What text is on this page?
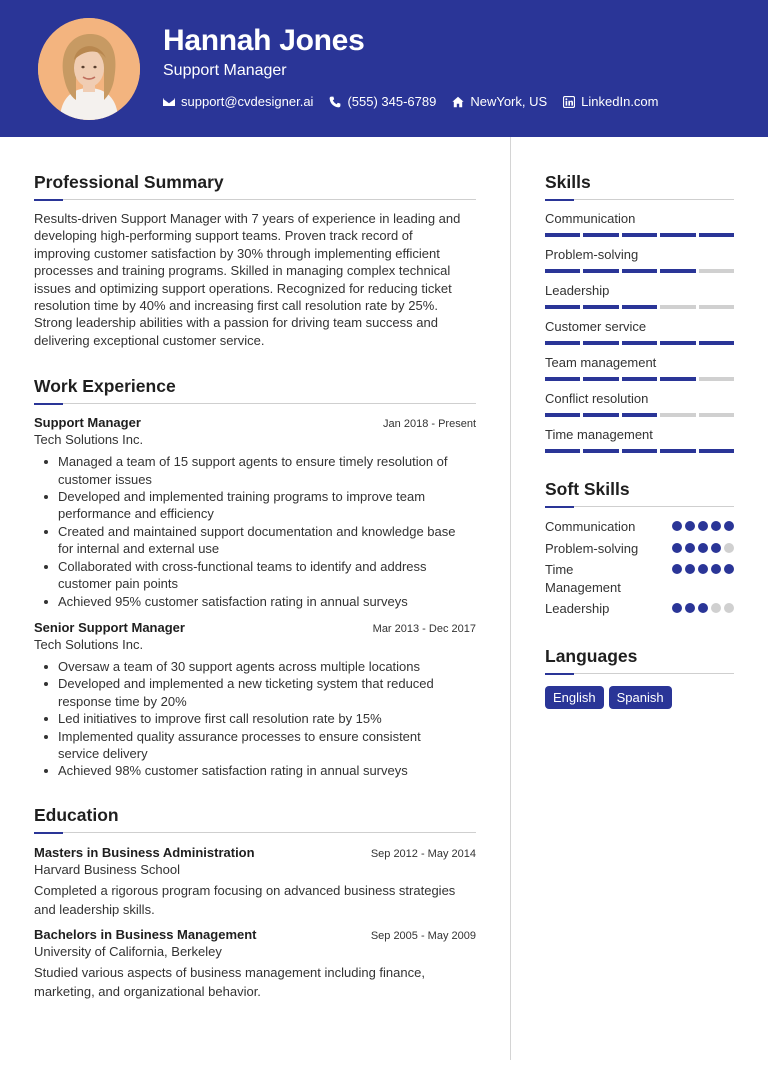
Hannah Jones
Support Manager
support@cvdesigner.ai	(555) 345-6789	NewYork, US	LinkedIn.com
Professional Summary
Results-driven Support Manager with 7 years of experience in leading and
developing high-performing support teams. Proven track record of
improving customer satisfaction by 30% through implementing efficient
processes and training programs. Skilled in managing complex technical
issues and optimizing support operations. Recognized for reducing ticket
resolution time by 40% and increasing first call resolution rate by 25%.
Strong leadership abilities with a passion for driving team success and
delivering exceptional customer service.
Work Experience
Support Manager	Jan 2018 - Present
Tech Solutions Inc.
Managed a team of 15 support agents to ensure timely resolution of
customer issues
Developed and implemented training programs to improve team
performance and efficiency
Created and maintained support documentation and knowledge base
for internal and external use
Collaborated with cross-functional teams to identify and address
customer pain points
Achieved 95% customer satisfaction rating in annual surveys
Senior Support Manager	Mar 2013 - Dec 2017
Tech Solutions Inc.
Oversaw a team of 30 support agents across multiple locations
Developed and implemented a new ticketing system that reduced
response time by 20%
Led initiatives to improve first call resolution rate by 15%
Implemented quality assurance processes to ensure consistent
service delivery
Achieved 98% customer satisfaction rating in annual surveys
Education
Masters in Business Administration	Sep 2012 - May 2014
Harvard Business School
Completed a rigorous program focusing on advanced business strategies
and leadership skills.
Bachelors in Business Management	Sep 2005 - May 2009
University of California, Berkeley
Studied various aspects of business management including finance,
marketing, and organizational behavior.
Skills
Communication
Problem-solving
Leadership
Customer service
Team management
Conflict resolution
Time management
Soft Skills
Communication
Problem-solving
Time Management
Leadership
Languages
English	Spanish
